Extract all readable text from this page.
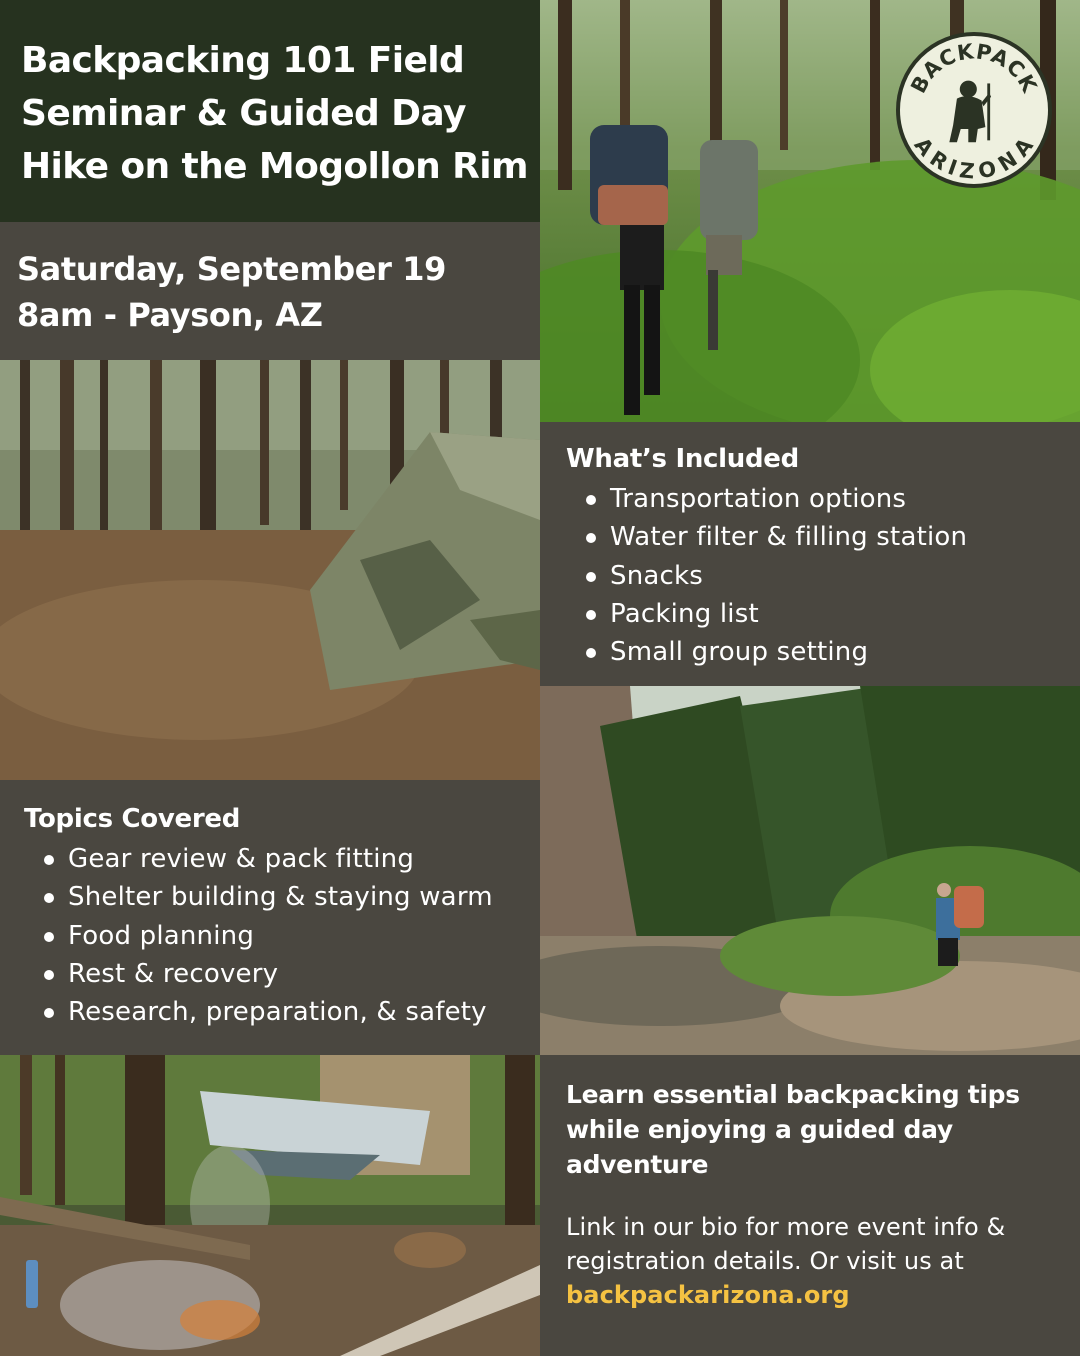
Backpacking 101 Field
Seminar & Guided Day
Hike on the Mogollon Rim
Saturday, September 19
8am - Payson, AZ
BACKPACK
ARIZONA
What’s Included
Transportation options
Water filter & filling station
Snacks
Packing list
Small group setting
Topics Covered
Gear review & pack fitting
Shelter building & staying warm
Food planning
Rest & recovery
Research, preparation, & safety

Learn essential backpacking tips while enjoying a guided day adventure

Link in our bio for more event info & registration details. Or visit us at
backpackarizona.org
